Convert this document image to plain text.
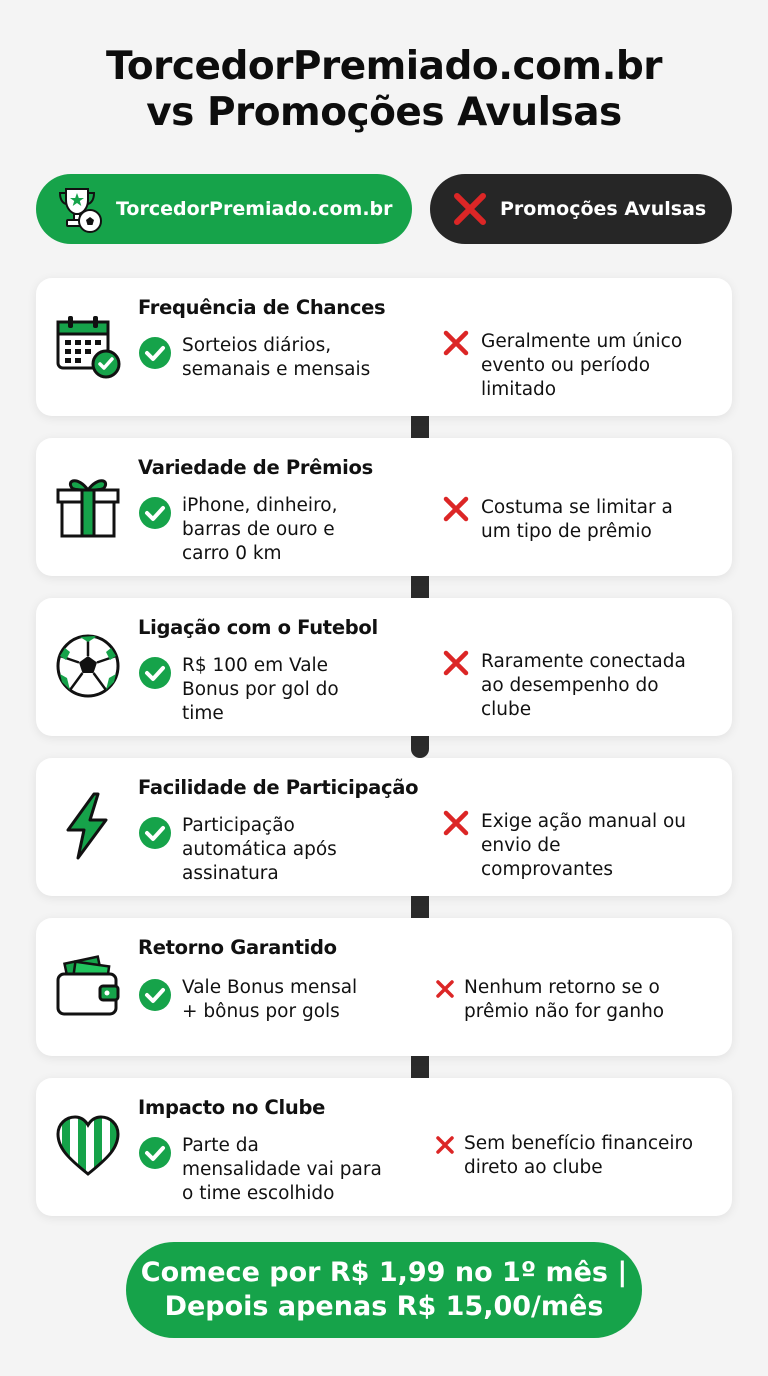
TorcedorPremiado.com.br
vs Promoções Avulsas
TorcedorPremiado.com.br	Promoções Avulsas
Frequência de Chances
Sorteios diários,
semanais e mensais
Geralmente um único
evento ou período
limitado
Variedade de Prêmios
iPhone, dinheiro,
barras de ouro e
carro 0 km
Costuma se limitar a
um tipo de prêmio
Ligação com o Futebol
R$ 100 em Vale
Bonus por gol do
time
Raramente conectada
ao desempenho do
clube
Facilidade de Participação
Participação
automática após
assinatura
Exige ação manual ou
envio de
comprovantes
Retorno Garantido
Vale Bonus mensal
+ bônus por gols
Nenhum retorno se o
prêmio não for ganho
Impacto no Clube
Parte da
mensalidade vai para
o time escolhido
Sem benefício financeiro
direto ao clube
Comece por R$ 1,99 no 1º mês |
Depois apenas R$ 15,00/mês
